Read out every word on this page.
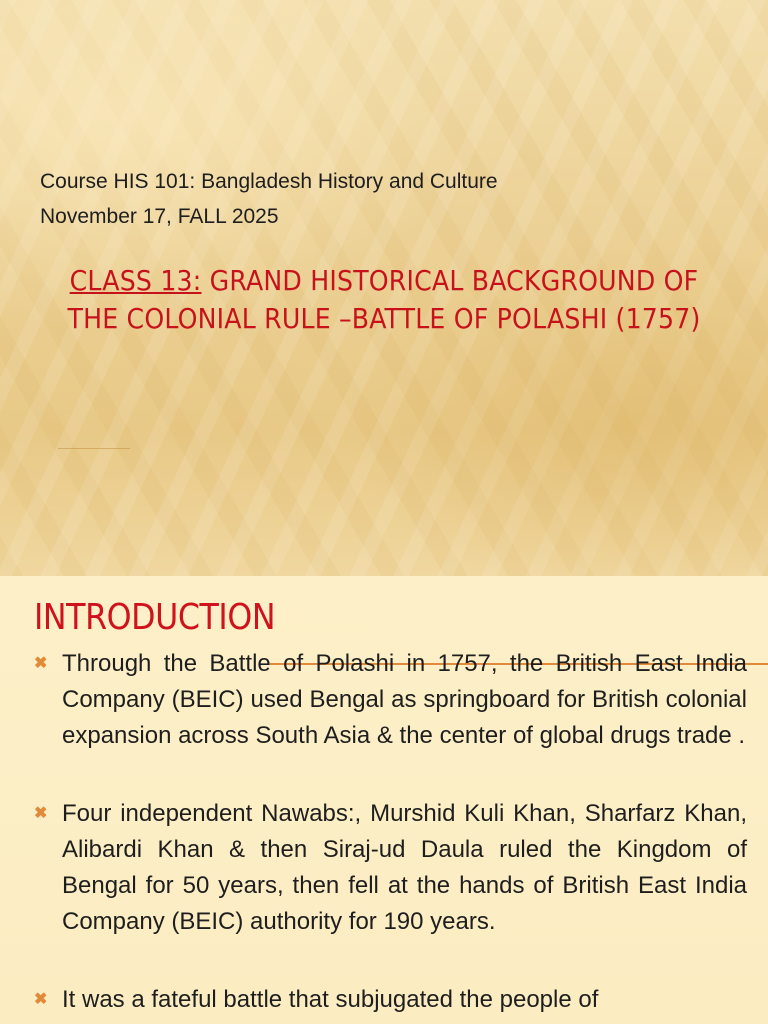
Course HIS 101: Bangladesh History and Culture
November 17, FALL 2025
CLASS 13: GRAND HISTORICAL BACKGROUND OF
THE COLONIAL RULE –BATTLE OF POLASHI (1757)
INTRODUCTION
✖ Through the Battle of Polashi in 1757, the British East India Company (BEIC) used Bengal as springboard for British colonial expansion across South Asia & the center of global drugs trade .
✖ Four independent Nawabs:, Murshid Kuli Khan, Sharfarz Khan, Alibardi Khan & then Siraj-ud Daula ruled the Kingdom of Bengal for 50 years, then fell at the hands of British East India Company (BEIC) authority for 190 years.
✖ It was a fateful battle that subjugated the people of
